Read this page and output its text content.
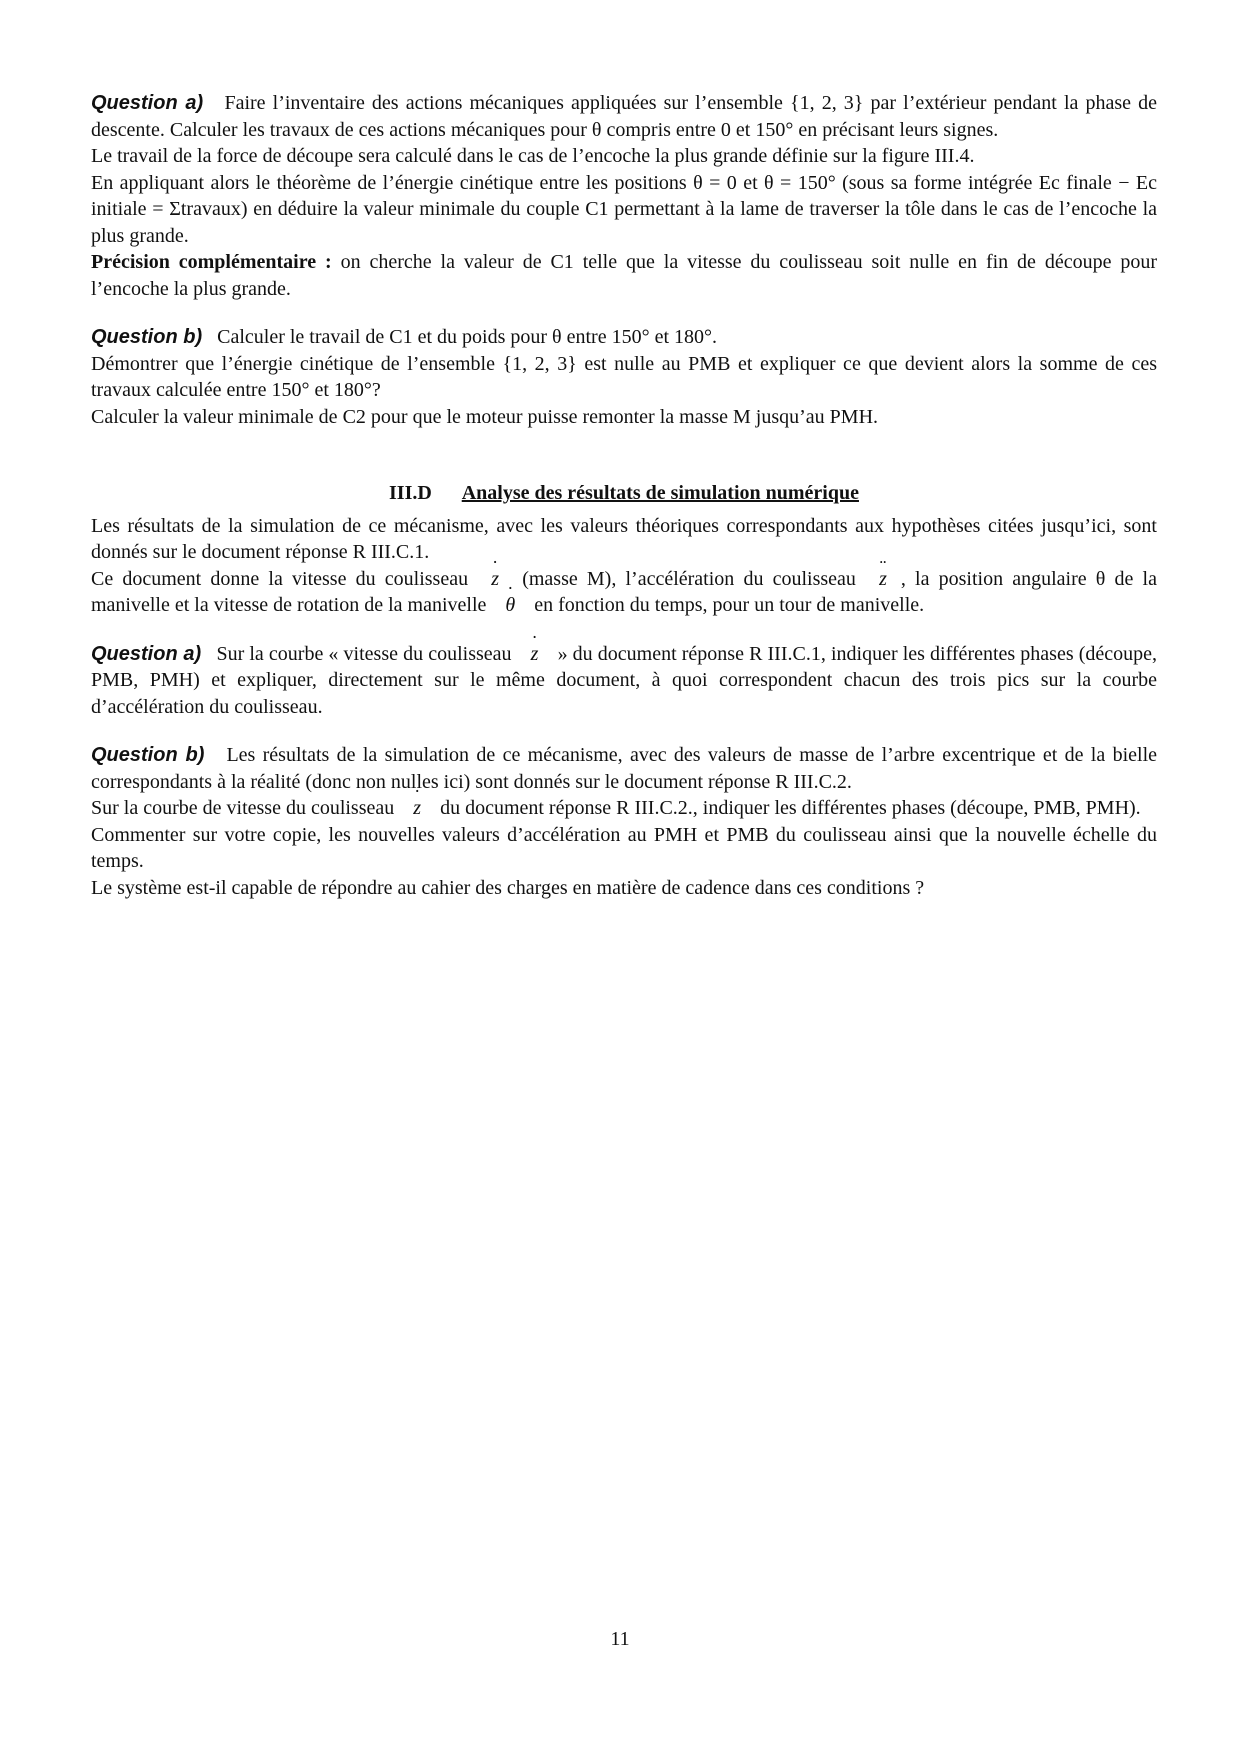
Question a) Faire l’inventaire des actions mécaniques appliquées sur l’ensemble {1, 2, 3} par l’extérieur pendant la phase de descente. Calculer les travaux de ces actions mécaniques pour θ compris entre 0 et 150° en précisant leurs signes.

Le travail de la force de découpe sera calculé dans le cas de l’encoche la plus grande définie sur la figure III.4.

En appliquant alors le théorème de l’énergie cinétique entre les positions θ = 0 et θ = 150° (sous sa forme intégrée Ec finale − Ec initiale = Σtravaux) en déduire la valeur minimale du couple C1 permettant à la lame de traverser la tôle dans le cas de l’encoche la plus grande.

Précision complémentaire : on cherche la valeur de C1 telle que la vitesse du coulisseau soit nulle en fin de découpe pour l’encoche la plus grande.

Question b) Calculer le travail de C1 et du poids pour θ entre 150° et 180°.

Démontrer que l’énergie cinétique de l’ensemble {1, 2, 3} est nulle au PMB et expliquer ce que devient alors la somme de ces travaux calculée entre 150° et 180°?

Calculer la valeur minimale de C2 pour que le moteur puisse remonter la masse M jusqu’au PMH.

III.D Analyse des résultats de simulation numérique

Les résultats de la simulation de ce mécanisme, avec les valeurs théoriques correspondants aux hypothèses citées jusqu’ici, sont donnés sur le document réponse R III.C.1.

Ce document donne la vitesse du coulisseau z ˙ (masse M), l’accélération du coulisseau z ¨ , la position angulaire θ de la manivelle et la vitesse de rotation de la manivelle θ ˙ en fonction du temps, pour un tour de manivelle.

Question a) Sur la courbe « vitesse du coulisseau z ˙ » du document réponse R III.C.1, indiquer les différentes phases (découpe, PMB, PMH) et expliquer, directement sur le même document, à quoi correspondent chacun des trois pics sur la courbe d’accélération du coulisseau.

Question b) Les résultats de la simulation de ce mécanisme, avec des valeurs de masse de l’arbre excentrique et de la bielle correspondants à la réalité (donc non nulles ici) sont donnés sur le document réponse R III.C.2.

Sur la courbe de vitesse du coulisseau z ˙ du document réponse R III.C.2., indiquer les différentes phases (découpe, PMB, PMH).

Commenter sur votre copie, les nouvelles valeurs d’accélération au PMH et PMB du coulisseau ainsi que la nouvelle échelle du temps.

Le système est-il capable de répondre au cahier des charges en matière de cadence dans ces conditions ?

11
